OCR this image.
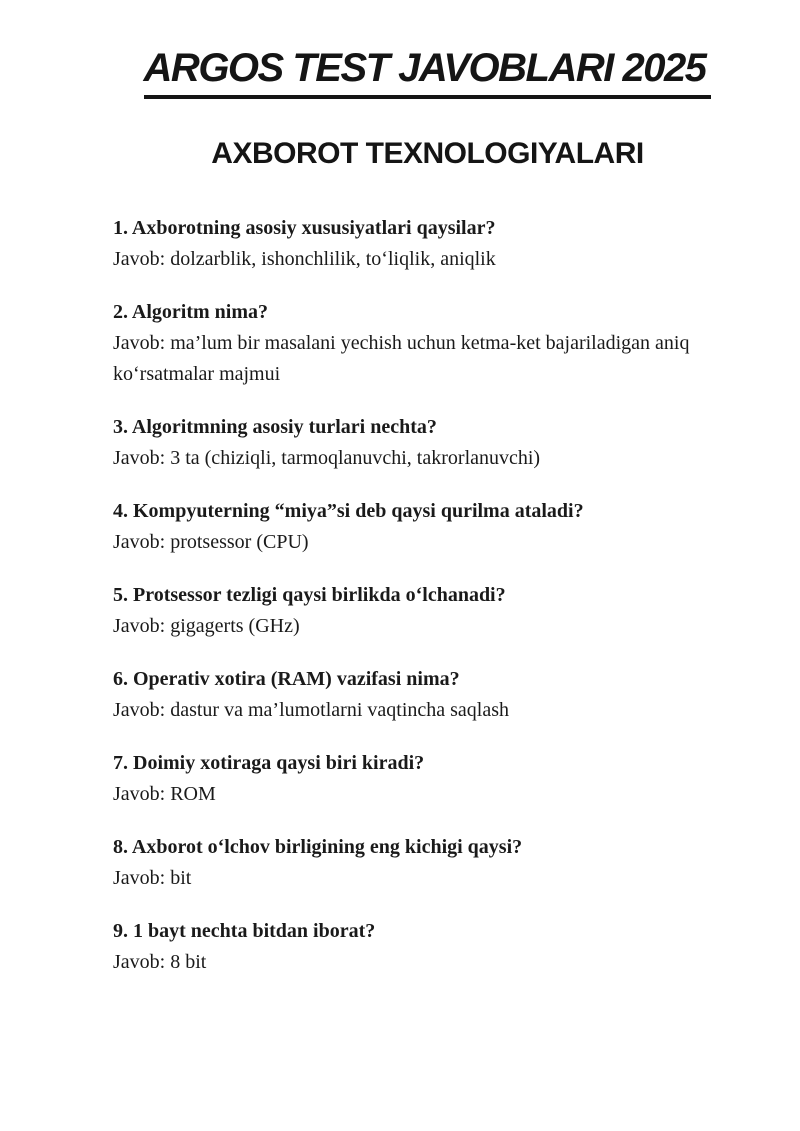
ARGOS TEST JAVOBLARI 2025
AXBOROT TEXNOLOGIYALARI

1. Axborotning asosiy xususiyatlari qaysilar?

Javob: dolzarblik, ishonchlilik, to‘liqlik, aniqlik

2. Algoritm nima?

Javob: ma’lum bir masalani yechish uchun ketma-ket bajariladigan aniq ko‘rsatmalar majmui

3. Algoritmning asosiy turlari nechta?

Javob: 3 ta (chiziqli, tarmoqlanuvchi, takrorlanuvchi)

4. Kompyuterning “miya”si deb qaysi qurilma ataladi?

Javob: protsessor (CPU)

5. Protsessor tezligi qaysi birlikda o‘lchanadi?

Javob: gigagerts (GHz)

6. Operativ xotira (RAM) vazifasi nima?

Javob: dastur va ma’lumotlarni vaqtincha saqlash

7. Doimiy xotiraga qaysi biri kiradi?

Javob: ROM

8. Axborot o‘lchov birligining eng kichigi qaysi?

Javob: bit

9. 1 bayt nechta bitdan iborat?

Javob: 8 bit
